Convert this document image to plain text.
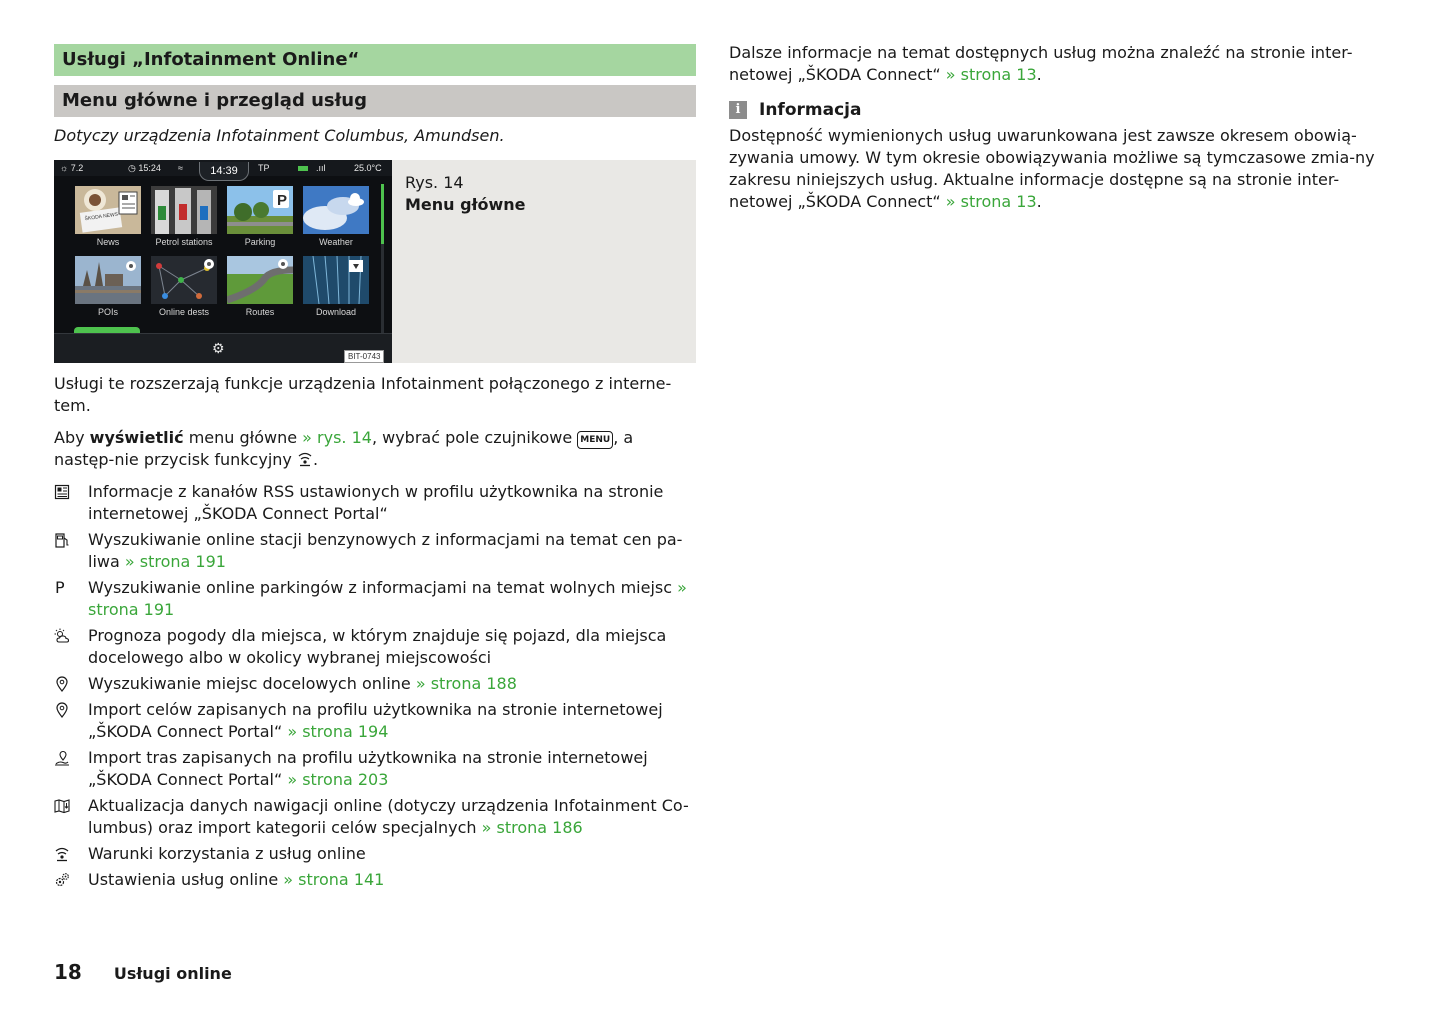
Usługi „Infotainment Online“
Menu główne i przegląd usług
Dotyczy urządzenia Infotainment Columbus, Amundsen.
☼ 7.2	◷ 15:24 ≈	TP	.ııl	25.0°C
14:39
ŠKODA NEWS
News	Petrol stations
P
Parking	Weather
POIs	Online dests	Routes	Download
⚙
BIT-0743
Rys. 14
Menu główne

Usługi te rozszerzają funkcje urządzenia Infotainment połączonego z interne-tem.

Aby wyświetlić menu główne » rys. 14, wybrać pole czujnikowe MENU , a następ-nie przycisk funkcyjny .

Informacje z kanałów RSS ustawionych w profilu użytkownika na stronie internetowej „ŠKODA Connect Portal“
Wyszukiwanie online stacji benzynowych z informacjami na temat cen pa-liwa » strona 191
P Wyszukiwanie online parkingów z informacjami na temat wolnych miejsc » strona 191
Prognoza pogody dla miejsca, w którym znajduje się pojazd, dla miejsca docelowego albo w okolicy wybranej miejscowości
Wyszukiwanie miejsc docelowych online » strona 188
Import celów zapisanych na profilu użytkownika na stronie internetowej „ŠKODA Connect Portal“ » strona 194
Import tras zapisanych na profilu użytkownika na stronie internetowej „ŠKODA Connect Portal“ » strona 203
Aktualizacja danych nawigacji online (dotyczy urządzenia Infotainment Co-lumbus) oraz import kategorii celów specjalnych » strona 186
Warunki korzystania z usług online
Ustawienia usług online » strona 141

Dalsze informacje na temat dostępnych usług można znaleźć na stronie inter-netowej „ŠKODA Connect“ » strona 13.

i	Informacja

Dostępność wymienionych usług uwarunkowana jest zawsze okresem obowią-zywania umowy. W tym okresie obowiązywania możliwe są tymczasowe zmia-ny zakresu niniejszych usług. Aktualne informacje dostępne są na stronie inter-netowej „ŠKODA Connect“ » strona 13.

18 Usługi online
